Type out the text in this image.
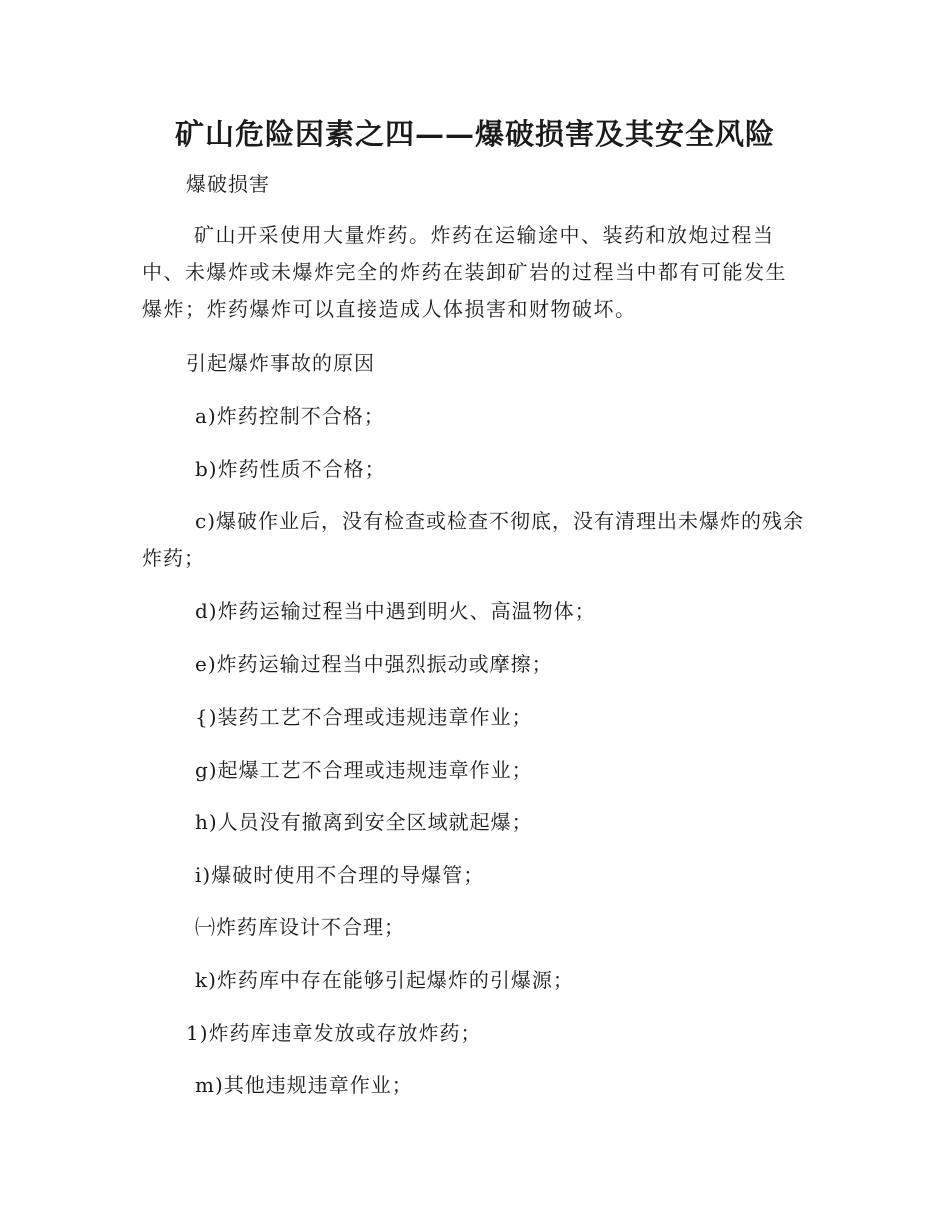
矿山危险因素之四——爆破损害及其安全风险
爆破损害
矿山开采使用大量炸药。炸药在运输途中、装药和放炮过程当中、未爆炸或未爆炸完全的炸药在装卸矿岩的过程当中都有可能发生爆炸；炸药爆炸可以直接造成人体损害和财物破坏。
引起爆炸事故的原因
a)炸药控制不合格；
b)炸药性质不合格；
c)爆破作业后，没有检查或检查不彻底，没有清理出未爆炸的残余炸药；
d)炸药运输过程当中遇到明火、高温物体；
e)炸药运输过程当中强烈振动或摩擦；
{)装药工艺不合理或违规违章作业；
g)起爆工艺不合理或违规违章作业；
h)人员没有撤离到安全区域就起爆；
i)爆破时使用不合理的导爆管；
㈠炸药库设计不合理；
k)炸药库中存在能够引起爆炸的引爆源；
1)炸药库违章发放或存放炸药；
m)其他违规违章作业；
